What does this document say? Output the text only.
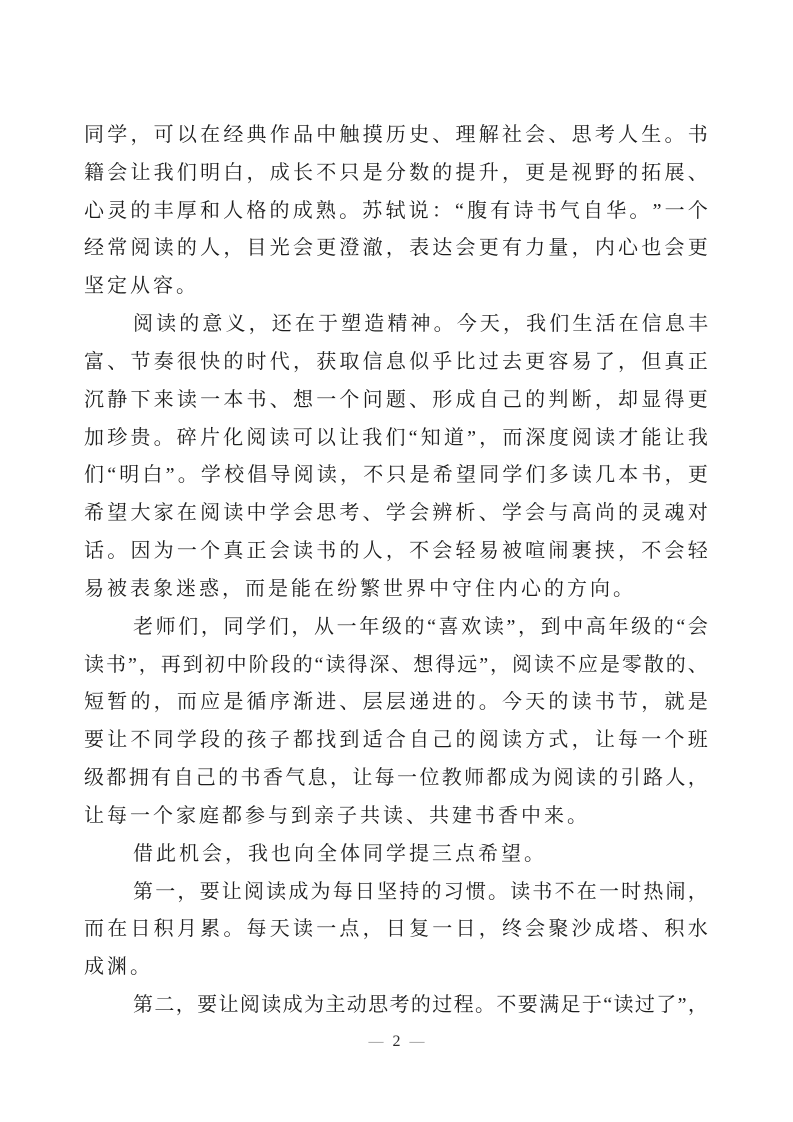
同 学 ， 可 以 在 经 典 作 品 中 触 摸 历 史 、 理 解 社 会 、 思 考 人 生 。 书
籍 会 让 我 们 明 白 ， 成 长 不 只 是 分 数 的 提 升 ， 更 是 视 野 的 拓 展 、
心 灵 的 丰 厚 和 人 格 的 成 熟 。 苏 轼 说 ： “ 腹 有 诗 书 气 自 华 。 ” 一 个
经 常 阅 读 的 人 ， 目 光 会 更 澄 澈 ， 表 达 会 更 有 力 量 ， 内 心 也 会 更
坚定从容。
阅 读 的 意 义 ， 还 在 于 塑 造 精 神 。 今 天 ， 我 们 生 活 在 信 息 丰
富 、 节 奏 很 快 的 时 代 ， 获 取 信 息 似 乎 比 过 去 更 容 易 了 ， 但 真 正
沉 静 下 来 读 一 本 书 、 想 一 个 问 题 、 形 成 自 己 的 判 断 ， 却 显 得 更
加 珍 贵 。 碎 片 化 阅 读 可 以 让 我 们 “ 知 道 ” ， 而 深 度 阅 读 才 能 让 我
们 “ 明 白 ” 。 学 校 倡 导 阅 读 ， 不 只 是 希 望 同 学 们 多 读 几 本 书 ， 更
希 望 大 家 在 阅 读 中 学 会 思 考 、 学 会 辨 析 、 学 会 与 高 尚 的 灵 魂 对
话 。 因 为 一 个 真 正 会 读 书 的 人 ， 不 会 轻 易 被 喧 闹 裹 挟 ， 不 会 轻
易被表象迷惑，而是能在纷繁世界中守住内心的方向。
老 师 们 ， 同 学 们 ， 从 一 年 级 的 “ 喜 欢 读 ” ， 到 中 高 年 级 的 “ 会
读 书 ” ， 再 到 初 中 阶 段 的 “ 读 得 深 、 想 得 远 ” ， 阅 读 不 应 是 零 散 的 、
短 暂 的 ， 而 应 是 循 序 渐 进 、 层 层 递 进 的 。 今 天 的 读 书 节 ， 就 是
要 让 不 同 学 段 的 孩 子 都 找 到 适 合 自 己 的 阅 读 方 式 ， 让 每 一 个 班
级 都 拥 有 自 己 的 书 香 气 息 ， 让 每 一 位 教 师 都 成 为 阅 读 的 引 路 人 ，
让每一个家庭都参与到亲子共读、共建书香中来。
借此机会，我也向全体同学提三点希望。
第 一 ， 要 让 阅 读 成 为 每 日 坚 持 的 习 惯 。 读 书 不 在 一 时 热 闹 ，
而 在 日 积 月 累 。 每 天 读 一 点 ， 日 复 一 日 ， 终 会 聚 沙 成 塔 、 积 水
成渊。
第 二 ， 要 让 阅 读 成 为 主 动 思 考 的 过 程 。 不 要 满 足 于 “ 读 过 了 ” ，
— 2 —
